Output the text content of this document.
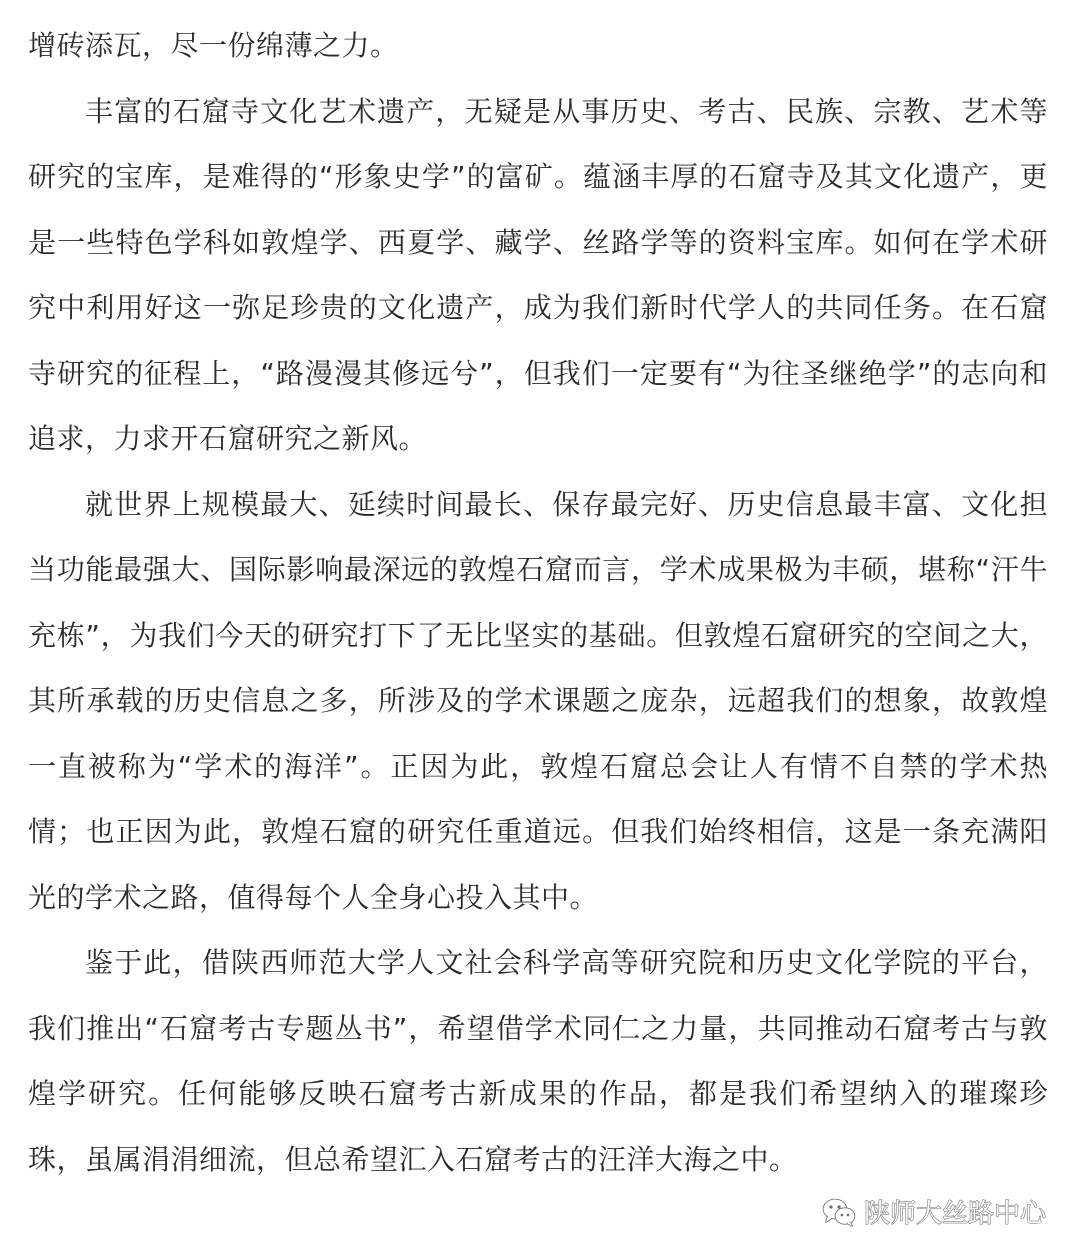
增砖添瓦，尽一份绵薄之力。

丰富的石窟寺文化艺术遗产，无疑是从事历史、考古、民族、宗教、艺术等研究的宝库，是难得的“形象史学”的富矿。蕴涵丰厚的石窟寺及其文化遗产，更是一些特色学科如敦煌学、西夏学、藏学、丝路学等的资料宝库。如何在学术研究中利用好这一弥足珍贵的文化遗产，成为我们新时代学人的共同任务。在石窟寺研究的征程上，“路漫漫其修远兮”，但我们一定要有“为往圣继绝学”的志向和追求，力求开石窟研究之新风。

就世界上规模最大、延续时间最长、保存最完好、历史信息最丰富、文化担当功能最强大、国际影响最深远的敦煌石窟而言，学术成果极为丰硕，堪称“汗牛充栋”，为我们今天的研究打下了无比坚实的基础。但敦煌石窟研究的空间之大，其所承载的历史信息之多，所涉及的学术课题之庞杂，远超我们的想象，故敦煌一直被称为“学术的海洋”。正因为此，敦煌石窟总会让人有情不自禁的学术热情；也正因为此，敦煌石窟的研究任重道远。但我们始终相信，这是一条充满阳光的学术之路，值得每个人全身心投入其中。

鉴于此，借陕西师范大学人文社会科学高等研究院和历史文化学院的平台，我们推出“石窟考古专题丛书”，希望借学术同仁之力量，共同推动石窟考古与敦煌学研究。任何能够反映石窟考古新成果的作品，都是我们希望纳入的璀璨珍珠，虽属涓涓细流，但总希望汇入石窟考古的汪洋大海之中。

陕师大丝路中心
